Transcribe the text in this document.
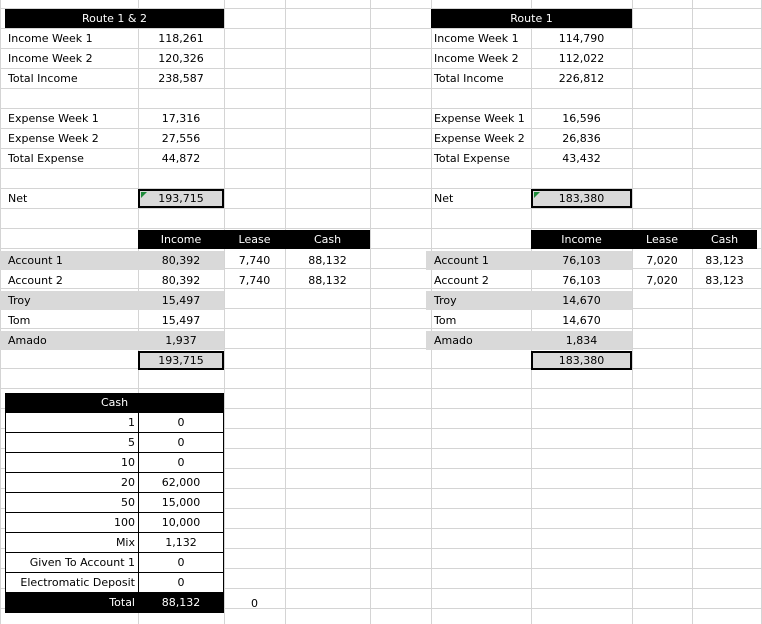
Route 1 & 2
Income Week 1	118,261
Income Week 2	120,326
Total Income	238,587
Expense Week 1	17,316
Expense Week 2	27,556
Total Expense	44,872
Net	193,715
Income	Lease	Cash
Account 1	80,392	7,740	88,132
Account 2	80,392	7,740	88,132
Troy	15,497
Tom	15,497
Amado	1,937
193,715
Route 1
Income Week 1	114,790
Income Week 2	112,022
Total Income	226,812
Expense Week 1	16,596
Expense Week 2	26,836
Total Expense	43,432
Net	183,380
Income	Lease	Cash
Account 1	76,103	7,020	83,123
Account 2	76,103	7,020	83,123
Troy	14,670
Tom	14,670
Amado	1,834
183,380
Cash
1	0
5	0
10	0
20	62,000
50	15,000
100	10,000
Mix	1,132
Given To Account 1	0
Electromatic Deposit	0
Total	88,132	0
